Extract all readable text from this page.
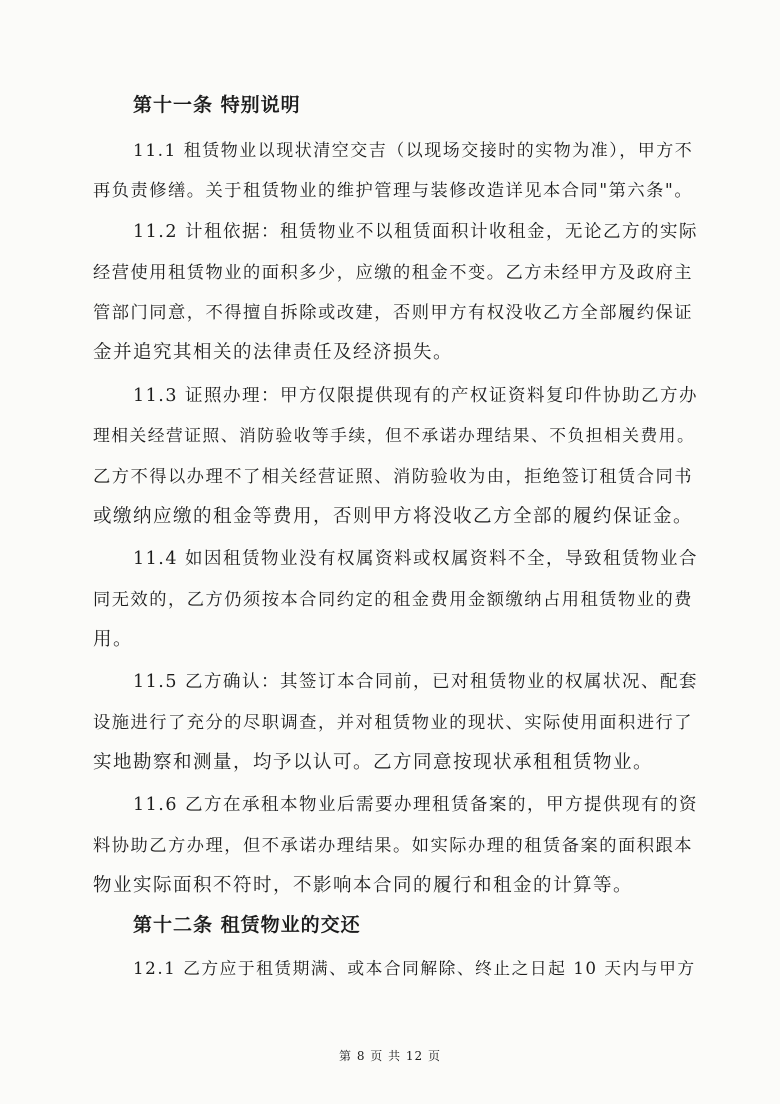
第十一条 特别说明
11.1 租赁物业以现状清空交吉（以现场交接时的实物为准），甲方不
再负责修缮。关于租赁物业的维护管理与装修改造详见本合同"第六条"。
11.2 计租依据：租赁物业不以租赁面积计收租金，无论乙方的实际
经营使用租赁物业的面积多少，应缴的租金不变。乙方未经甲方及政府主
管部门同意，不得擅自拆除或改建，否则甲方有权没收乙方全部履约保证
金并追究其相关的法律责任及经济损失。
11.3 证照办理：甲方仅限提供现有的产权证资料复印件协助乙方办
理相关经营证照、消防验收等手续，但不承诺办理结果、不负担相关费用。
乙方不得以办理不了相关经营证照、消防验收为由，拒绝签订租赁合同书
或缴纳应缴的租金等费用，否则甲方将没收乙方全部的履约保证金。
11.4 如因租赁物业没有权属资料或权属资料不全，导致租赁物业合
同无效的，乙方仍须按本合同约定的租金费用金额缴纳占用租赁物业的费
用。
11.5 乙方确认：其签订本合同前，已对租赁物业的权属状况、配套
设施进行了充分的尽职调查，并对租赁物业的现状、实际使用面积进行了
实地勘察和测量，均予以认可。乙方同意按现状承租租赁物业。
11.6 乙方在承租本物业后需要办理租赁备案的，甲方提供现有的资
料协助乙方办理，但不承诺办理结果。如实际办理的租赁备案的面积跟本
物业实际面积不符时，不影响本合同的履行和租金的计算等。
第十二条 租赁物业的交还
12.1 乙方应于租赁期满、或本合同解除、终止之日起 10 天内与甲方
第 8 页 共 12 页
